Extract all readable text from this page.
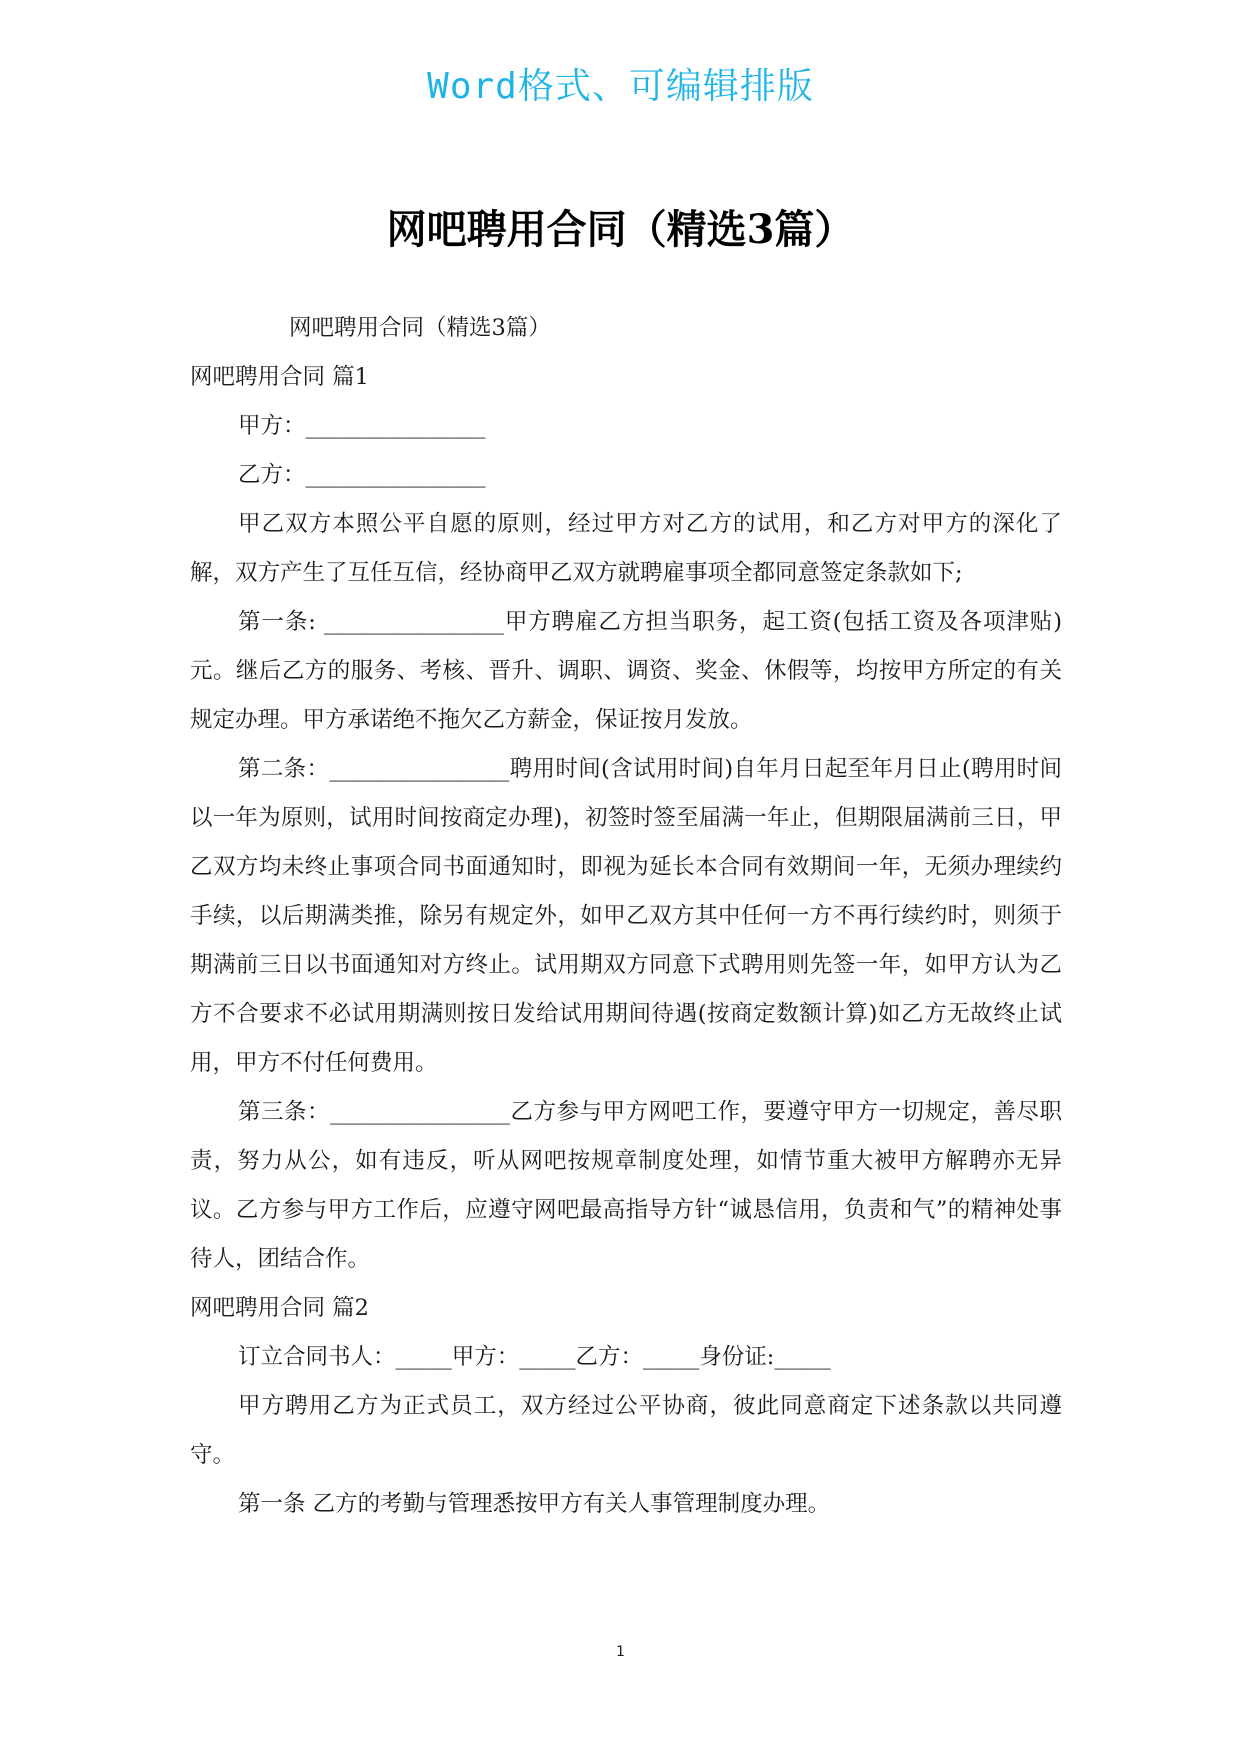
Word格式、可编辑排版
网吧聘用合同（精选3篇）

网吧聘用合同（精选3篇）

网吧聘用合同 篇1

甲方：________________

乙方：________________

甲乙双方本照公平自愿的原则，经过甲方对乙方的试用，和乙方对甲方的深化了解，双方产生了互任互信，经协商甲乙双方就聘雇事项全都同意签定条款如下;

第一条: ________________甲方聘雇乙方担当职务，起工资(包括工资及各项津贴)元。继后乙方的服务、考核、晋升、调职、调资、奖金、休假等，均按甲方所定的有关规定办理。甲方承诺绝不拖欠乙方薪金，保证按月发放。

第二条：________________聘用时间(含试用时间)自年月日起至年月日止(聘用时间以一年为原则，试用时间按商定办理)，初签时签至届满一年止，但期限届满前三日，甲乙双方均未终止事项合同书面通知时，即视为延长本合同有效期间一年，无须办理续约手续，以后期满类推，除另有规定外，如甲乙双方其中任何一方不再行续约时，则须于期满前三日以书面通知对方终止。试用期双方同意下式聘用则先签一年，如甲方认为乙方不合要求不必试用期满则按日发给试用期间待遇(按商定数额计算)如乙方无故终止试用，甲方不付任何费用。

第三条：________________乙方参与甲方网吧工作，要遵守甲方一切规定，善尽职责，努力从公，如有违反，听从网吧按规章制度处理，如情节重大被甲方解聘亦无异议。乙方参与甲方工作后，应遵守网吧最高指导方针“诚恳信用，负责和气”的精神处事待人，团结合作。

网吧聘用合同 篇2

订立合同书人：_____甲方：_____乙方：_____身份证:_____

甲方聘用乙方为正式员工，双方经过公平协商，彼此同意商定下述条款以共同遵守。

第一条 乙方的考勤与管理悉按甲方有关人事管理制度办理。

1
